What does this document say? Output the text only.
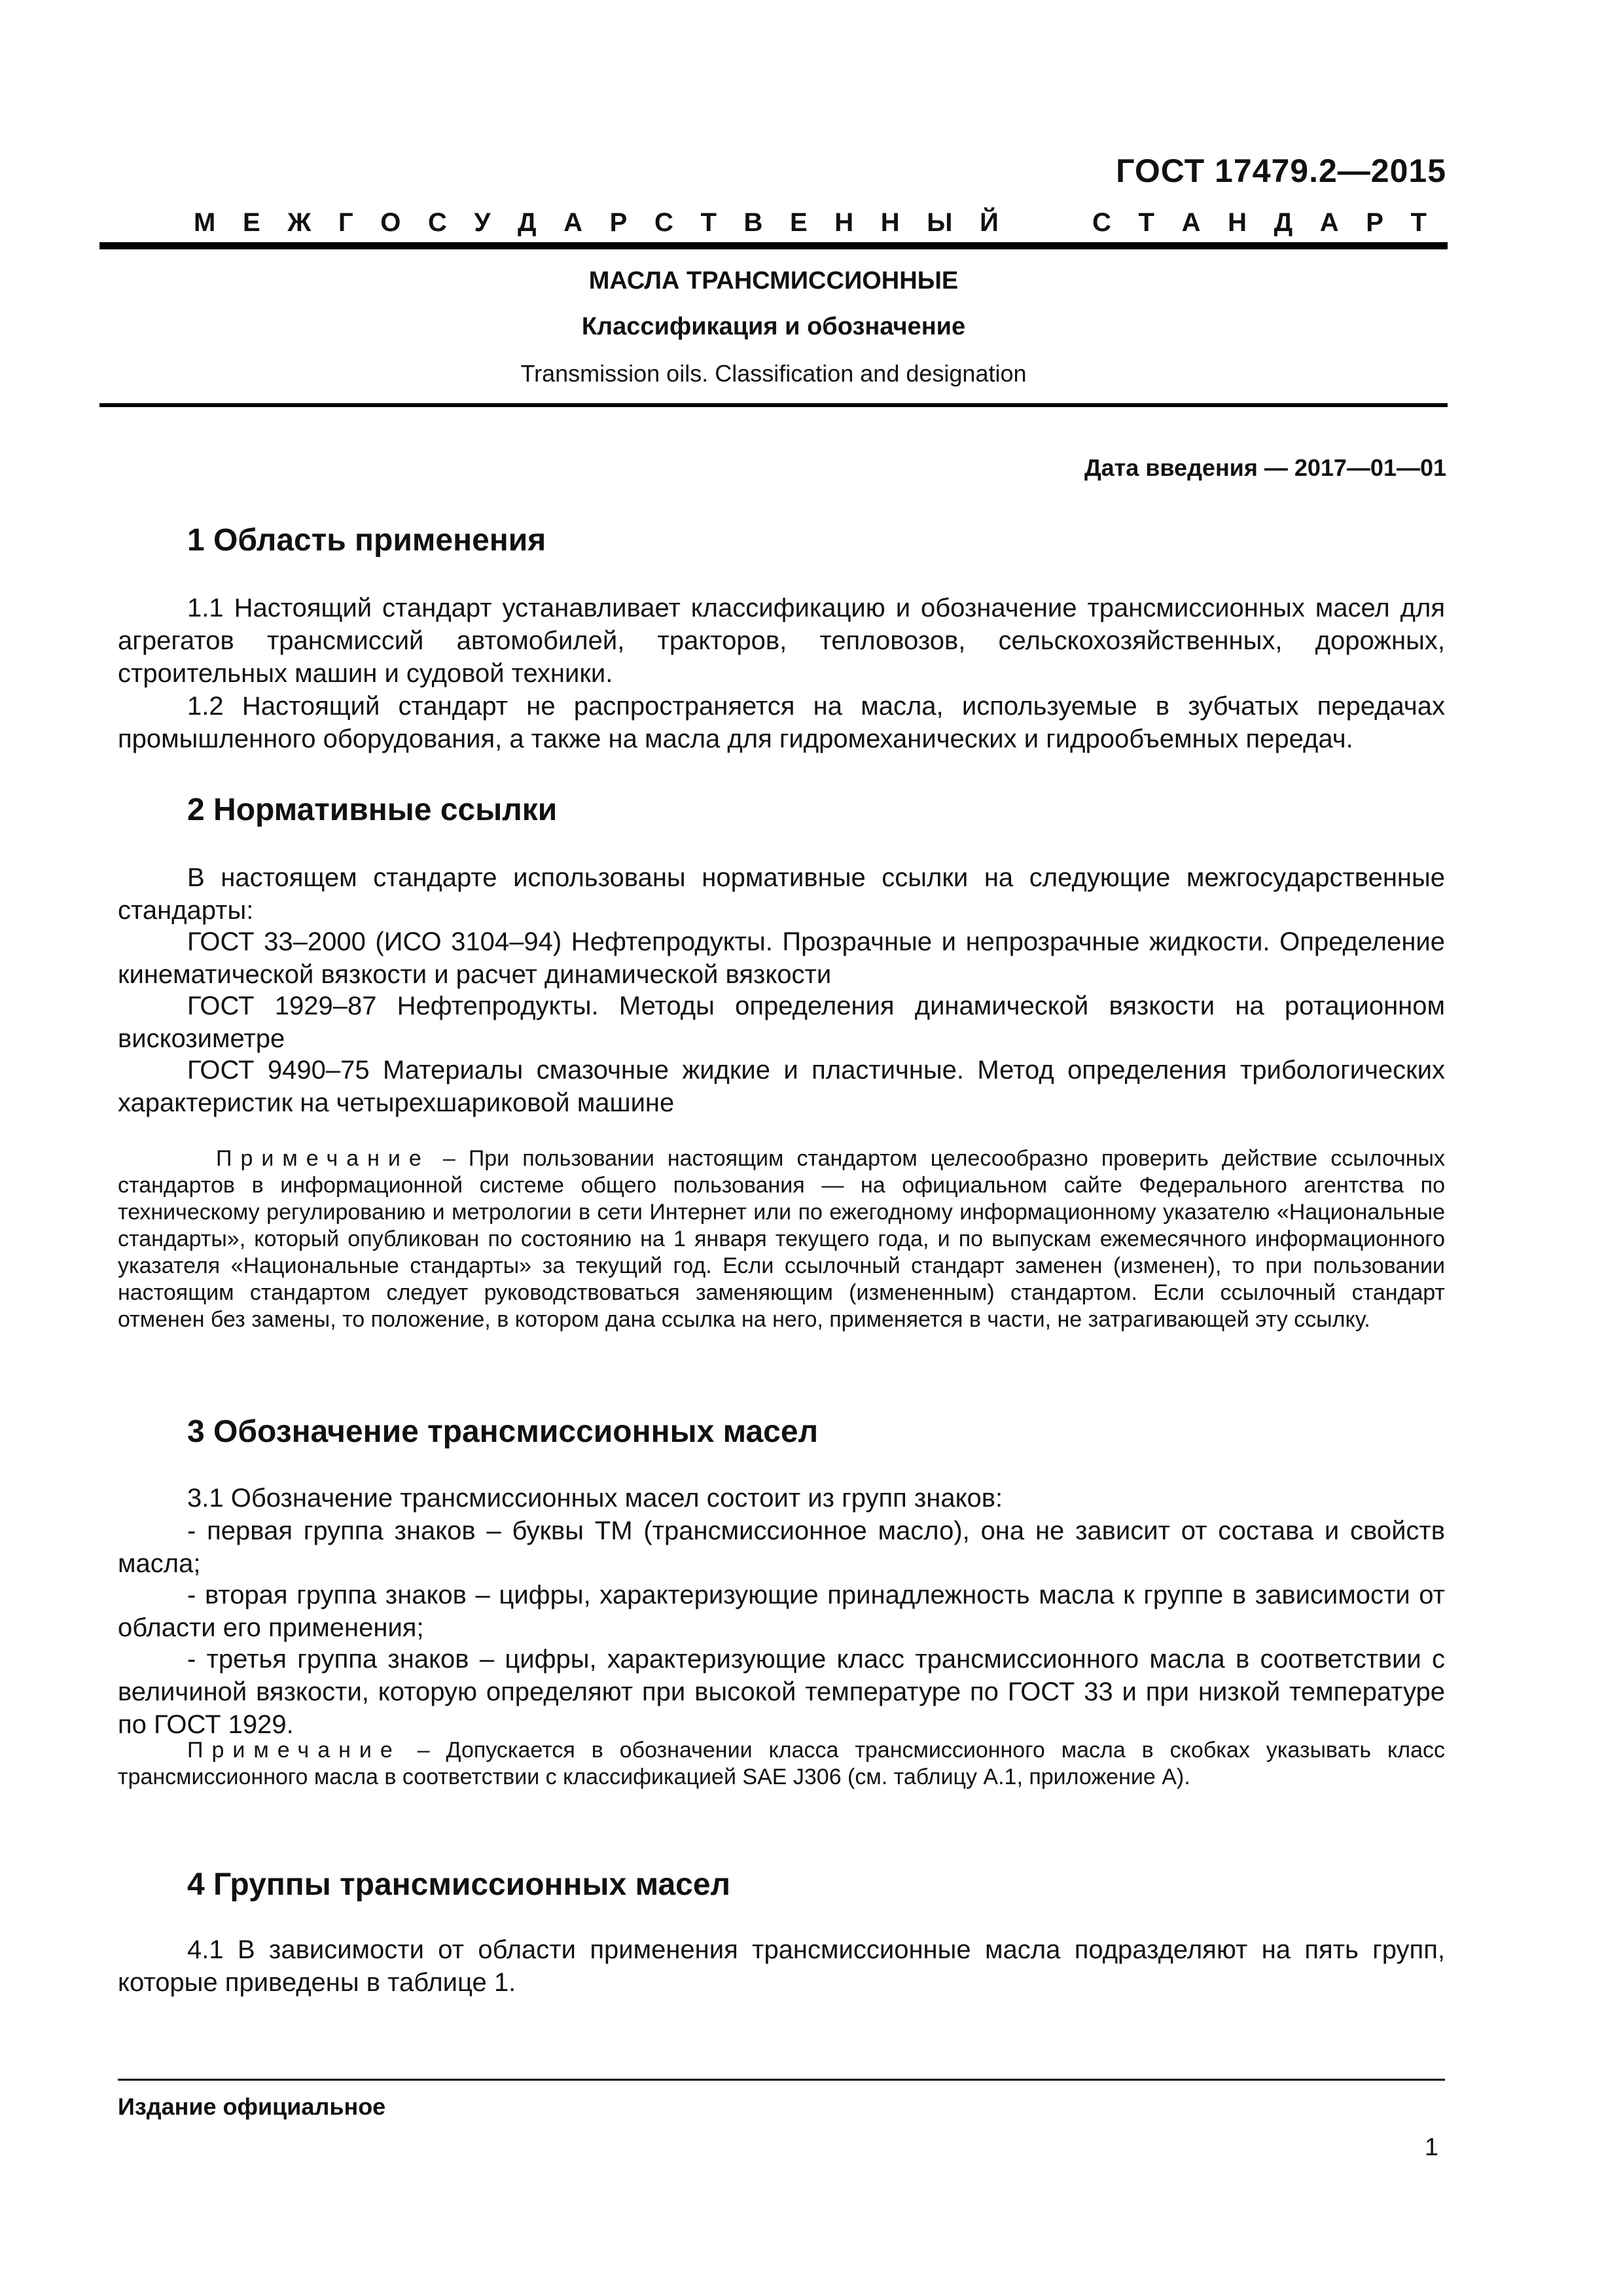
ГОСТ 17479.2—2015
М Е Ж Г О С У Д А Р С Т В Е Н Н Ы Й	С Т А Н Д А Р Т
МАСЛА ТРАНСМИССИОННЫЕ
Классификация и обозначение
Transmission oils. Classification and designation
Дата введения — 2017—01—01
1 Область применения

1.1 Настоящий стандарт устанавливает классификацию и обозначение трансмиссионных масел для агрегатов трансмиссий автомобилей, тракторов, тепловозов, сельскохозяйственных, дорожных, строительных машин и судовой техники.

1.2 Настоящий стандарт не распространяется на масла, используемые в зубчатых передачах промышленного оборудования, а также на масла для гидромеханических и гидрообъемных передач.

2 Нормативные ссылки

В настоящем стандарте использованы нормативные ссылки на следующие межгосударственные стандарты:

ГОСТ 33–2000 (ИСО 3104–94) Нефтепродукты. Прозрачные и непрозрачные жидкости. Определение кинематической вязкости и расчет динамической вязкости

ГОСТ 1929–87 Нефтепродукты. Методы определения динамической вязкости на ротационном вискозиметре

ГОСТ 9490–75 Материалы смазочные жидкие и пластичные. Метод определения трибологических характеристик на четырехшариковой машине

Примечание – При пользовании настоящим стандартом целесообразно проверить действие ссылочных стандартов в информационной системе общего пользования — на официальном сайте Федерального агентства по техническому регулированию и метрологии в сети Интернет или по ежегодному информационному указателю «Национальные стандарты», который опубликован по состоянию на 1 января текущего года, и по выпускам ежемесячного информационного указателя «Национальные стандарты» за текущий год. Если ссылочный стандарт заменен (изменен), то при пользовании настоящим стандартом следует руководствоваться заменяющим (измененным) стандартом. Если ссылочный стандарт отменен без замены, то положение, в котором дана ссылка на него, применяется в части, не затрагивающей эту ссылку.

3 Обозначение трансмиссионных масел

3.1 Обозначение трансмиссионных масел состоит из групп знаков:

- первая группа знаков – буквы ТМ (трансмиссионное масло), она не зависит от состава и свойств масла;

- вторая группа знаков – цифры, характеризующие принадлежность масла к группе в зависимости от области его применения;

- третья группа знаков – цифры, характеризующие класс трансмиссионного масла в соответствии с величиной вязкости, которую определяют при высокой температуре по ГОСТ 33 и при низкой температуре по ГОСТ 1929.

Примечание – Допускается в обозначении класса трансмиссионного масла в скобках указывать класс трансмиссионного масла в соответствии с классификацией SAE J306 (см. таблицу А.1, приложение А).

4 Группы трансмиссионных масел

4.1 В зависимости от области применения трансмиссионные масла подразделяют на пять групп, которые приведены в таблице 1.

Издание официальное
1
